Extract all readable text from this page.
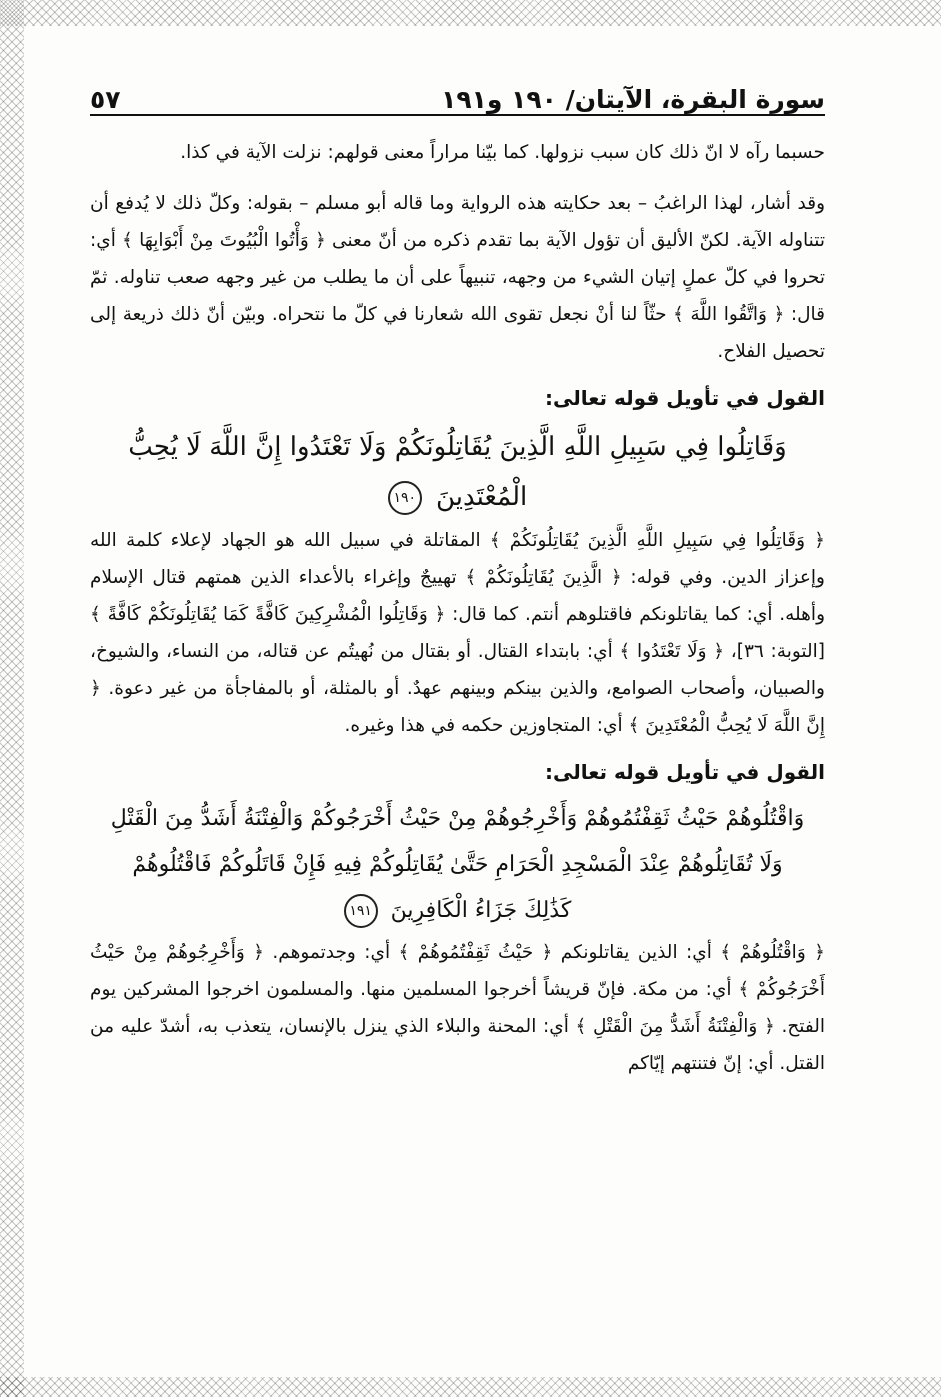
سورة البقرة، الآيتان/ ١٩٠ و١٩١
٥٧

حسبما رآه لا انّ ذلك كان سبب نزولها. كما بيّنا مراراً معنى قولهم: نزلت الآية في كذا.

وقد أشار، لهذا الراغبُ – بعد حكايته هذه الرواية وما قاله أبو مسلم – بقوله: وكلّ ذلك لا يُدفع أن تتناوله الآية. لكنّ الأليق أن تؤول الآية بما تقدم ذكره من أنّ معنى ﴿ وَأْتُوا الْبُيُوتَ مِنْ أَبْوَابِهَا ﴾ أي: تحروا في كلّ عملٍ إتيان الشيء من وجهه، تنبيهاً على أن ما يطلب من غير وجهه صعب تناوله. ثمّ قال: ﴿ وَاتَّقُوا اللَّهَ ﴾ حثّاً لنا أنْ نجعل تقوى الله شعارنا في كلّ ما نتحراه. وبيّن أنّ ذلك ذريعة إلى تحصيل الفلاح.

القول في تأويل قوله تعالى:

وَقَاتِلُوا فِي سَبِيلِ اللَّهِ الَّذِينَ يُقَاتِلُونَكُمْ وَلَا تَعْتَدُوا إِنَّ اللَّهَ لَا يُحِبُّ الْمُعْتَدِينَ ١٩٠

﴿ وَقَاتِلُوا فِي سَبِيلِ اللَّهِ الَّذِينَ يُقَاتِلُونَكُمْ ﴾ المقاتلة في سبيل الله هو الجهاد لإعلاء كلمة الله وإعزاز الدين. وفي قوله: ﴿ الَّذِينَ يُقَاتِلُونَكُمْ ﴾ تهييجٌ وإغراء بالأعداء الذين همتهم قتال الإسلام وأهله. أي: كما يقاتلونكم فاقتلوهم أنتم. كما قال: ﴿ وَقَاتِلُوا الْمُشْرِكِينَ كَافَّةً كَمَا يُقَاتِلُونَكُمْ كَافَّةً ﴾ [التوبة: ٣٦]، ﴿ وَلَا تَعْتَدُوا ﴾ أي: بابتداء القتال. أو بقتال من نُهيتُم عن قتاله، من النساء، والشيوخ، والصبيان، وأصحاب الصوامع، والذين بينكم وبينهم عهدٌ. أو بالمثلة، أو بالمفاجأة من غير دعوة. ﴿ إِنَّ اللَّهَ لَا يُحِبُّ الْمُعْتَدِينَ ﴾ أي: المتجاوزين حكمه في هذا وغيره.

القول في تأويل قوله تعالى:

وَاقْتُلُوهُمْ حَيْثُ ثَقِفْتُمُوهُمْ وَأَخْرِجُوهُمْ مِنْ حَيْثُ أَخْرَجُوكُمْ وَالْفِتْنَةُ أَشَدُّ مِنَ الْقَتْلِ

وَلَا تُقَاتِلُوهُمْ عِنْدَ الْمَسْجِدِ الْحَرَامِ حَتَّىٰ يُقَاتِلُوكُمْ فِيهِ فَإِنْ قَاتَلُوكُمْ فَاقْتُلُوهُمْ

كَذَٰلِكَ جَزَاءُ الْكَافِرِينَ ١٩١

﴿ وَاقْتُلُوهُمْ ﴾ أي: الذين يقاتلونكم ﴿ حَيْثُ ثَقِفْتُمُوهُمْ ﴾ أي: وجدتموهم. ﴿ وَأَخْرِجُوهُمْ مِنْ حَيْثُ أَخْرَجُوكُمْ ﴾ أي: من مكة. فإنّ قريشاً أخرجوا المسلمين منها. والمسلمون اخرجوا المشركين يوم الفتح. ﴿ وَالْفِتْنَةُ أَشَدُّ مِنَ الْقَتْلِ ﴾ أي: المحنة والبلاء الذي ينزل بالإنسان، يتعذب به، أشدّ عليه من القتل. أي: إنّ فتنتهم إيّاكم
